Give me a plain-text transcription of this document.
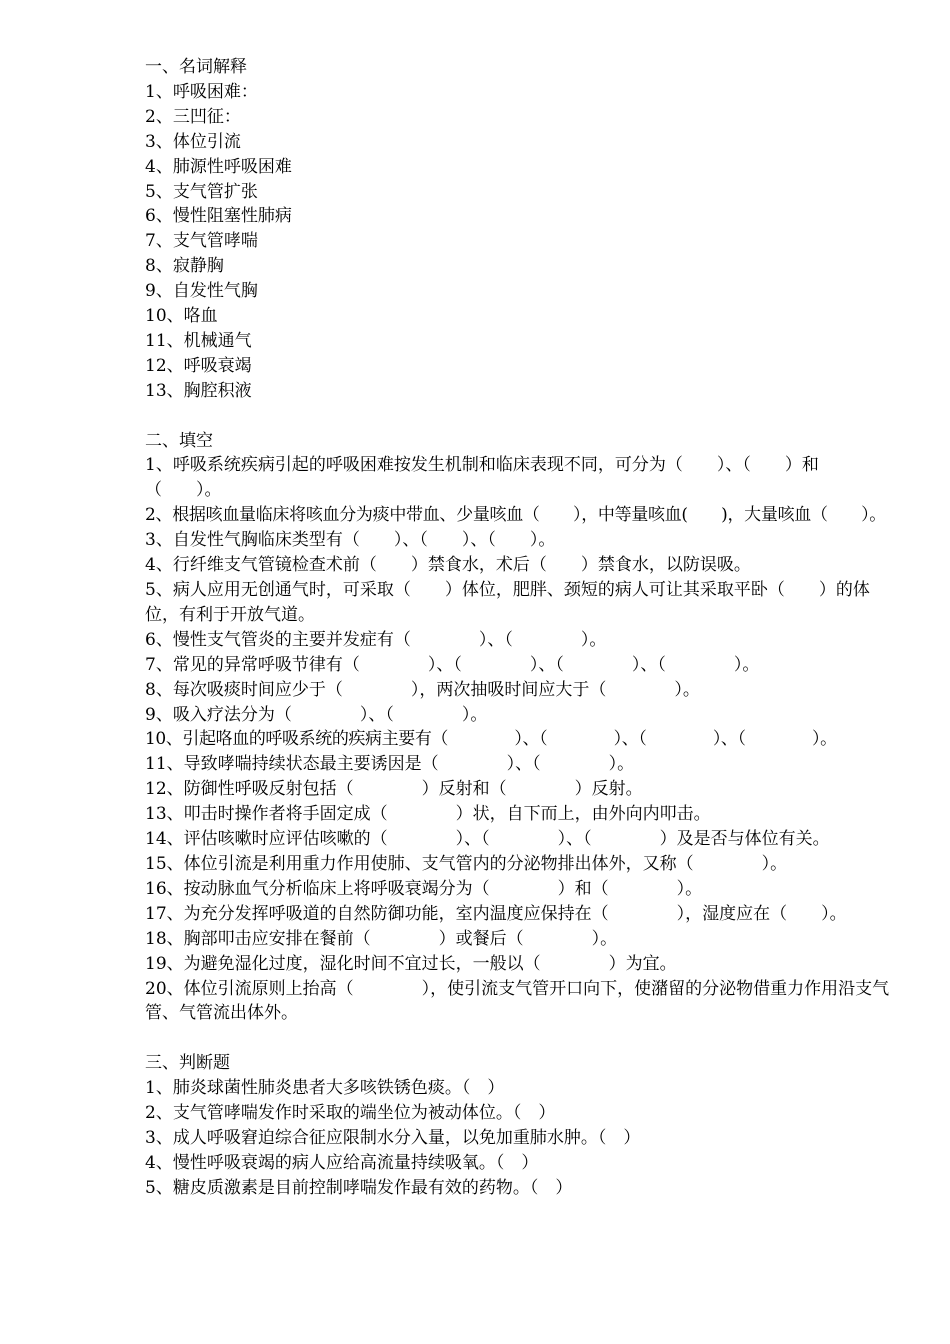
一、名词解释
1、呼吸困难：
2、三凹征：
3、体位引流
4、肺源性呼吸困难
5、支气管扩张
6、慢性阻塞性肺病
7、支气管哮喘
8、寂静胸
9、自发性气胸
10、咯血
11、机械通气
12、呼吸衰竭
13、胸腔积液
二、填空
1、呼吸系统疾病引起的呼吸困难按发生机制和临床表现不同，可分为（　　）、（　　）和（　　）。
2、根据咳血量临床将咳血分为痰中带血、少量咳血（　　），中等量咳血(　　)，大量咳血（　　）。
3、自发性气胸临床类型有（　　）、（　　）、（　　）。
4、行纤维支气管镜检查术前（　　）禁食水，术后（　　）禁食水，以防误吸。
5、病人应用无创通气时，可采取（　　）体位，肥胖、颈短的病人可让其采取平卧（　　）的体位，有利于开放气道。
6、慢性支气管炎的主要并发症有（　　　　）、（　　　　）。
7、常见的异常呼吸节律有（　　　　）、（　　　　）、（　　　　）、（　　　　）。
8、每次吸痰时间应少于（　　　　），两次抽吸时间应大于（　　　　）。
9、吸入疗法分为（　　　　）、（　　　　）。
10、引起咯血的呼吸系统的疾病主要有（　　　　）、（　　　　）、（　　　　）、（　　　　）。
11、导致哮喘持续状态最主要诱因是（　　　　）、（　　　　）。
12、防御性呼吸反射包括（　　　　）反射和（　　　　）反射。
13、叩击时操作者将手固定成（　　　　）状，自下而上，由外向内叩击。
14、评估咳嗽时应评估咳嗽的（　　　　）、（　　　　）、（　　　　）及是否与体位有关。
15、体位引流是利用重力作用使肺、支气管内的分泌物排出体外，又称（　　　　）。
16、按动脉血气分析临床上将呼吸衰竭分为（　　　　）和（　　　　）。
17、为充分发挥呼吸道的自然防御功能，室内温度应保持在（　　　　），湿度应在（　　）。
18、胸部叩击应安排在餐前（　　　　）或餐后（　　　　）。
19、为避免湿化过度，湿化时间不宜过长，一般以（　　　　）为宜。
20、体位引流原则上抬高（　　　　），使引流支气管开口向下，使潴留的分泌物借重力作用沿支气管、气管流出体外。
三、判断题
1、肺炎球菌性肺炎患者大多咳铁锈色痰。（　）
2、支气管哮喘发作时采取的端坐位为被动体位。（　）
3、成人呼吸窘迫综合征应限制水分入量，以免加重肺水肿。（　）
4、慢性呼吸衰竭的病人应给高流量持续吸氧。（　）
5、糖皮质激素是目前控制哮喘发作最有效的药物。（　）
